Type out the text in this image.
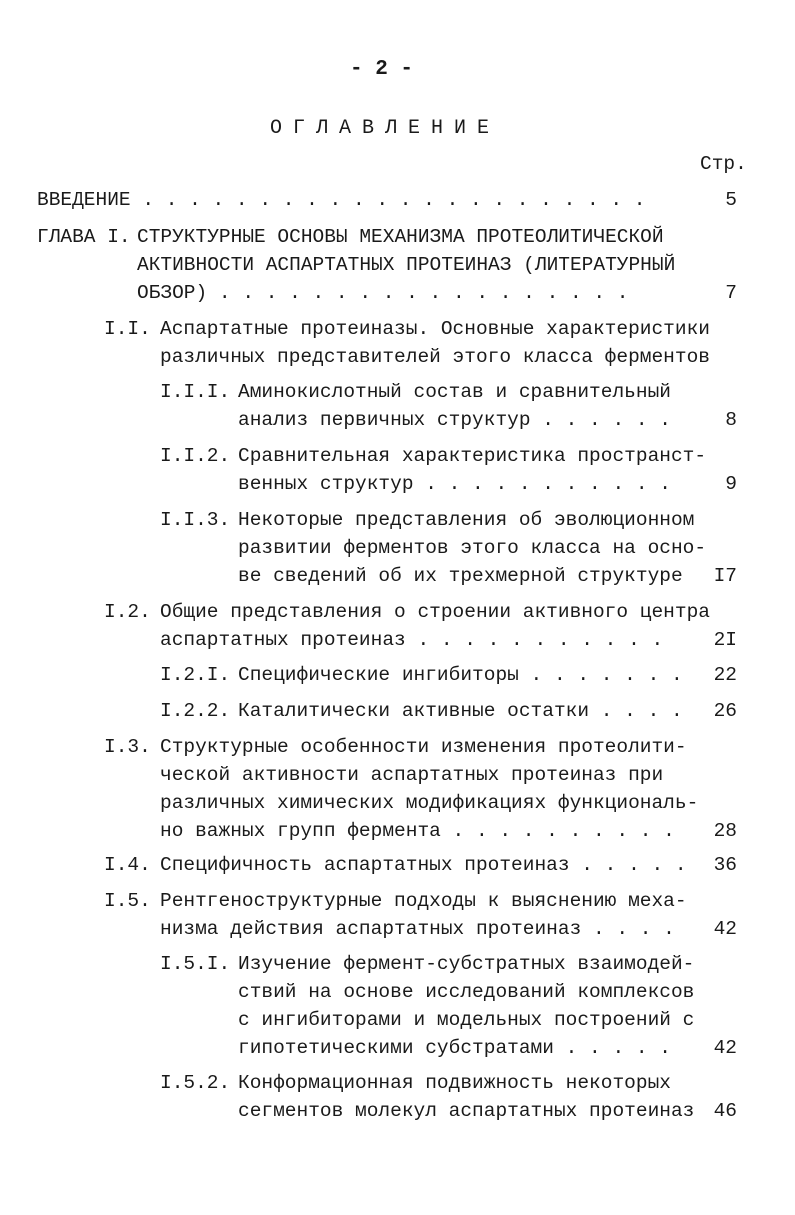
- 2 -
ОГЛАВЛЕНИЕ
Стр.
ВВЕДЕНИЕ . . . . . . . . . . . . . . . . . . . . . .	5
ГЛАВА I. СТРУКТУРНЫЕ ОСНОВЫ МЕХАНИЗМА ПРОТЕОЛИТИЧЕСКОЙ
АКТИВНОСТИ АСПАРТАТНЫХ ПРОТЕИНАЗ (ЛИТЕРАТУРНЫЙ
ОБЗОР) . . . . . . . . . . . . . . . . . .	7
I.I. Аспартатные протеиназы. Основные характеристики
различных представителей этого класса ферментов
I.I.I. Аминокислотный состав и сравнительный
анализ первичных структур . . . . . .	8
I.I.2. Сравнительная характеристика пространст-
венных структур . . . . . . . . . . .	9
I.I.3. Некоторые представления об эволюционном
развитии ферментов этого класса на осно-
ве сведений об их трехмерной структуре	I7
I.2. Общие представления о строении активного центра
аспартатных протеиназ . . . . . . . . . . .	2I
I.2.I. Специфические ингибиторы . . . . . . .	22
I.2.2. Каталитически активные остатки . . . .	26
I.3. Структурные особенности изменения протеолити-
ческой активности аспартатных протеиназ при
различных химических модификациях функциональ-
но важных групп фермента . . . . . . . . . .	28
I.4. Специфичность аспартатных протеиназ . . . . .	36
I.5. Рентгеноструктурные подходы к выяснению меха-
низма действия аспартатных протеиназ . . . .	42
I.5.I. Изучение фермент-субстратных взаимодей-
ствий на основе исследований комплексов
с ингибиторами и модельных построений с
гипотетическими субстратами . . . . .	42
I.5.2. Конформационная подвижность некоторых
сегментов молекул аспартатных протеиназ 46
